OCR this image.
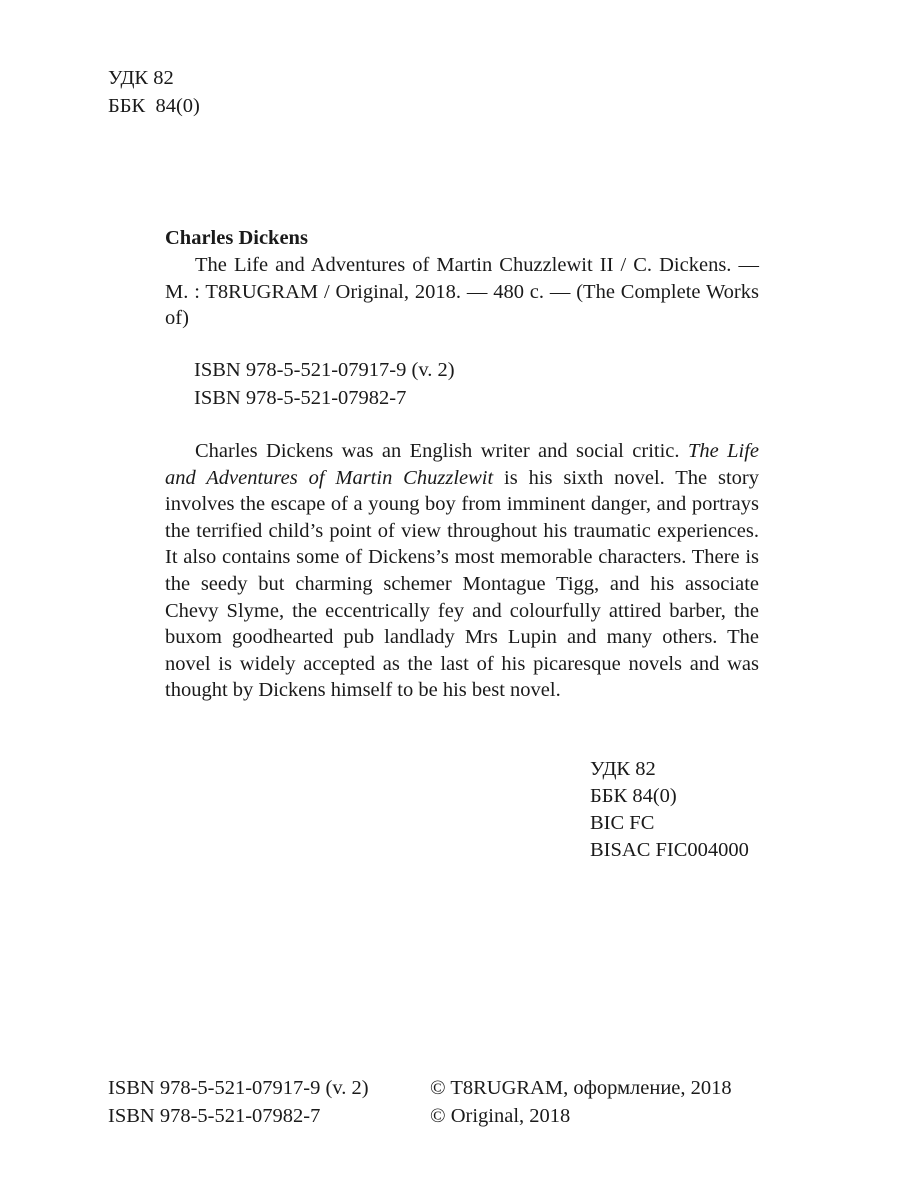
УДК 82
ББК  84(0)
Charles Dickens

The Life and Adventures of Martin Chuzzlewit II / C. Dickens. — M. : T8RUGRAM / Original, 2018. — 480 c. — (The Complete Works of)

ISBN 978-5-521-07917-9 (v. 2)
ISBN 978-5-521-07982-7

Charles Dickens was an English writer and social critic. The Life and Adventures of Martin Chuzzlewit is his sixth novel. The story involves the escape of a young boy from imminent danger, and portrays the terrified child’s point of view throughout his traumatic experiences. It also contains some of Dickens’s most memorable characters. There is the seedy but charming schemer Montague Tigg, and his associate Chevy Slyme, the eccentrically fey and colourfully attired barber, the buxom goodhearted pub landlady Mrs Lupin and many others. The novel is widely accepted as the last of his picaresque novels and was thought by Dickens himself to be his best novel.

УДК 82
ББК 84(0)
BIC FC
BISAC FIC004000
ISBN 978-5-521-07917-9 (v. 2)
ISBN 978-5-521-07982-7
© T8RUGRAM, оформление, 2018
© Original, 2018
